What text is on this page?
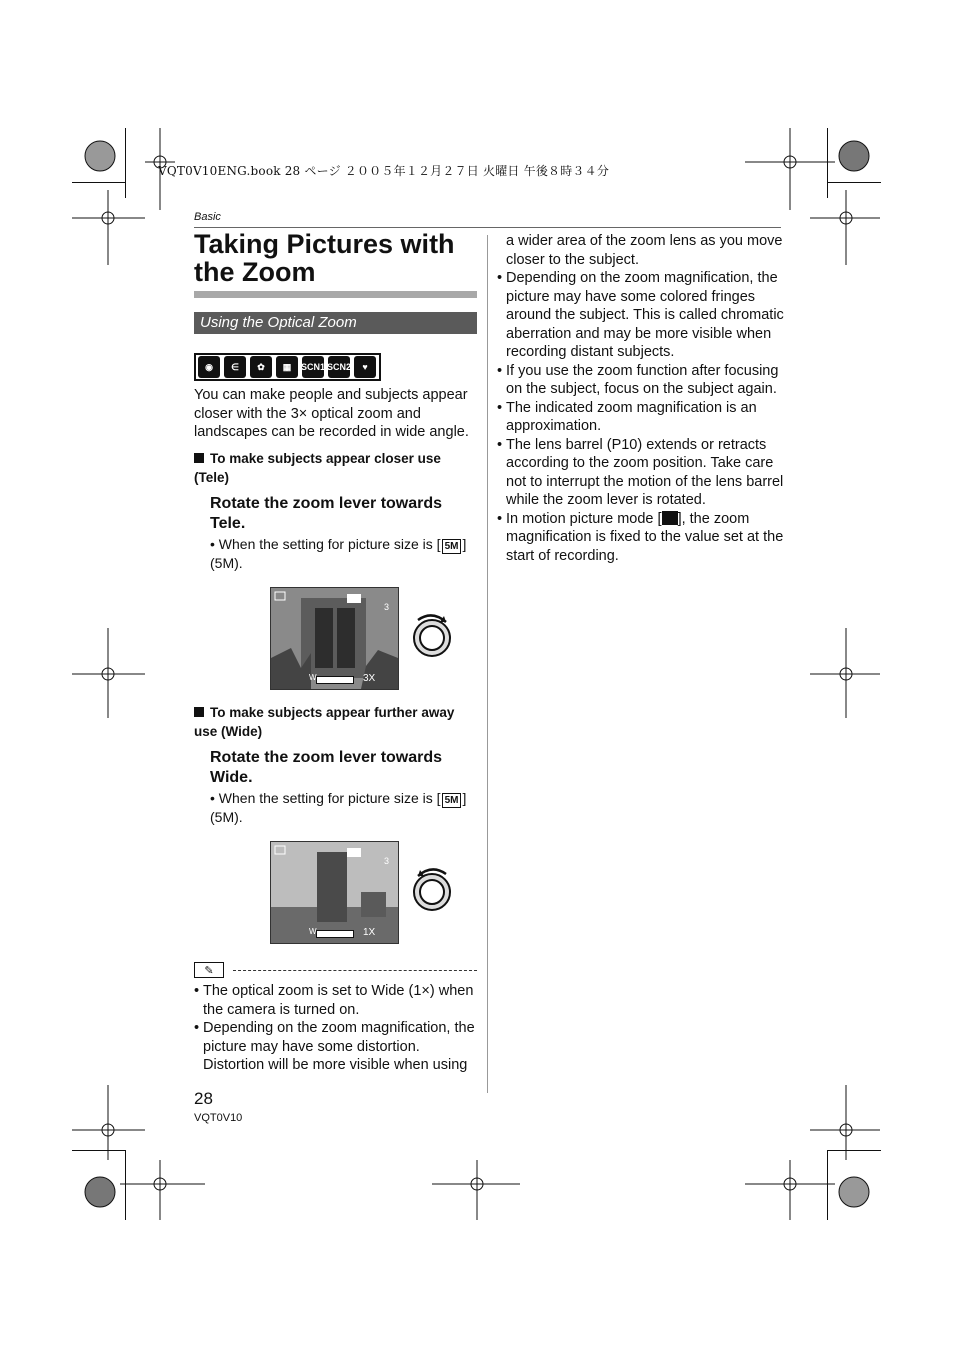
VQT0V10ENG.book 28 ページ ２００５年１２月２７日 火曜日 午後８時３４分
Basic
Taking Pictures with the Zoom
Using the Optical Zoom
◉	∈	✿	▦	SCN1 SCN2	♥
You can make people and subjects appear closer with the 3× optical zoom and landscapes can be recorded in wide angle.
To make subjects appear closer use (Tele)
Rotate the zoom lever towards Tele.
• When the setting for picture size is [ 5M ] (5M).
3
W	3X
To make subjects appear further away use (Wide)
Rotate the zoom lever towards Wide.
• When the setting for picture size is [ 5M ] (5M).
3
W	1X
✎
• The optical zoom is set to Wide (1×) when the camera is turned on.
• Depending on the zoom magnification, the picture may have some distortion. Distortion will be more visible when using
a wider area of the zoom lens as you move closer to the subject.
• Depending on the zoom magnification, the picture may have some colored fringes around the subject. This is called chromatic aberration and may be more visible when recording distant subjects.
• If you use the zoom function after focusing on the subject, focus on the subject again.
• The indicated zoom magnification is an approximation.
• The lens barrel (P10) extends or retracts according to the zoom position. Take care not to interrupt the motion of the lens barrel while the zoom lever is rotated.
• In motion picture mode [ ], the zoom magnification is fixed to the value set at the start of recording.
28
VQT0V10
